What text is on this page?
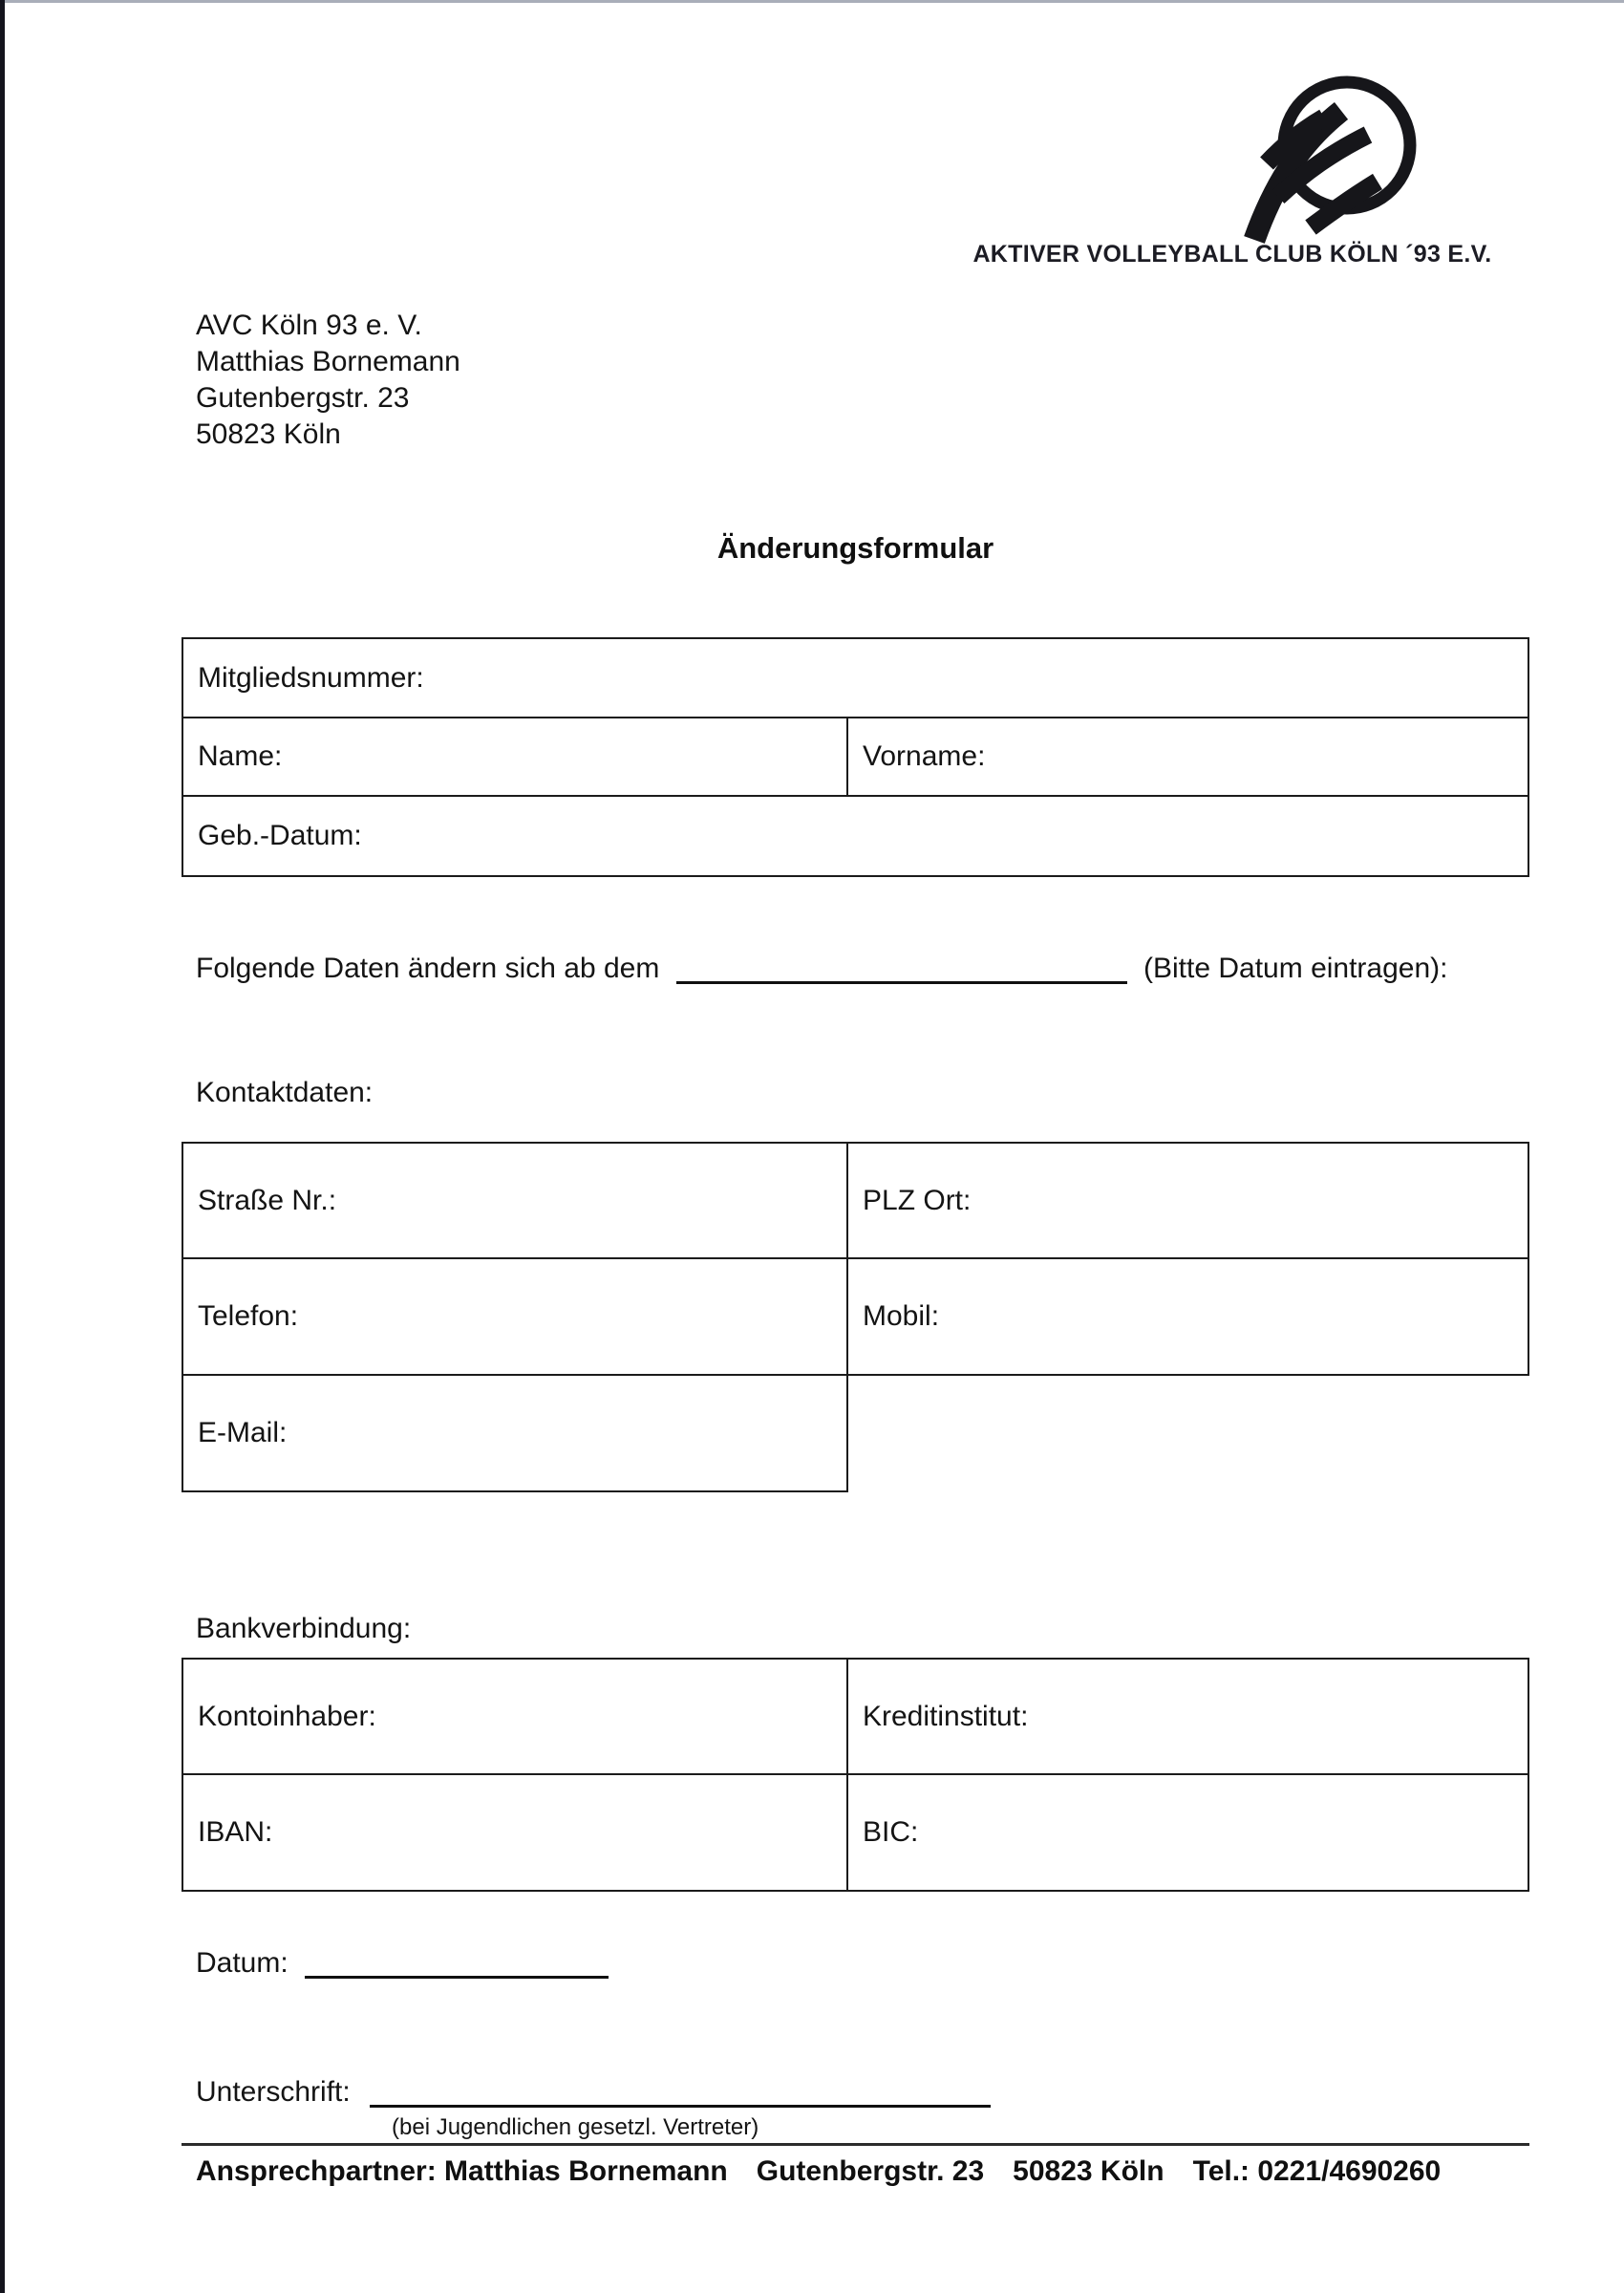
AKTIVER VOLLEYBALL CLUB KÖLN ´93 E.V.
AVC Köln 93 e. V.
Matthias Bornemann
Gutenbergstr. 23
50823 Köln
Änderungsformular
Mitgliedsnummer:
Name:	Vorname:
Geb.-Datum:
Folgende Daten ändern sich ab dem	(Bitte Datum eintragen):
Kontaktdaten:
Straße Nr.:	PLZ Ort:
Telefon:	Mobil:
E-Mail:
Bankverbindung:
Kontoinhaber:	Kreditinstitut:
IBAN:	BIC:
Datum:
Unterschrift:
(bei Jugendlichen gesetzl. Vertreter)
Ansprechpartner: Matthias Bornemann Gutenbergstr. 23 50823 Köln Tel.: 0221/4690260
